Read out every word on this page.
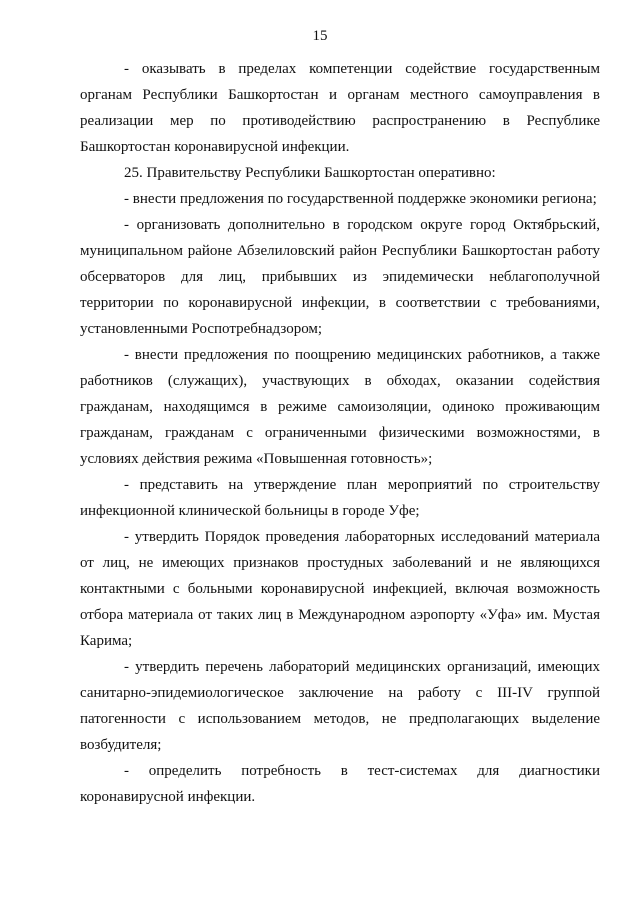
15

- оказывать в пределах компетенции содействие государственным органам Республики Башкортостан и органам местного самоуправления в реализации мер по противодействию распространению в Республике Башкортостан коронавирусной инфекции.

25. Правительству Республики Башкортостан оперативно:

- внести предложения по государственной поддержке экономики региона;

- организовать дополнительно в городском округе город Октябрьский, муниципальном районе Абзелиловский район Республики Башкортостан работу обсерваторов для лиц, прибывших из эпидемически неблагополучной территории по коронавирусной инфекции, в соответствии с требованиями, установленными Роспотребнадзором;

- внести предложения по поощрению медицинских работников, а также работников (служащих), участвующих в обходах, оказании содействия гражданам, находящимся в режиме самоизоляции, одиноко проживающим гражданам, гражданам с ограниченными физическими возможностями, в условиях действия режима «Повышенная готовность»;

- представить на утверждение план мероприятий по строительству инфекционной клинической больницы в городе Уфе;

- утвердить Порядок проведения лабораторных исследований материала от лиц, не имеющих признаков простудных заболеваний и не являющихся контактными с больными коронавирусной инфекцией, включая возможность отбора материала от таких лиц в Международном аэропорту «Уфа» им. Мустая Карима;

- утвердить перечень лабораторий медицинских организаций, имеющих санитарно-эпидемиологическое заключение на работу с III-IV группой патогенности с использованием методов, не предполагающих выделение возбудителя;

- определить потребность в тест-системах для диагностики коронавирусной инфекции.
